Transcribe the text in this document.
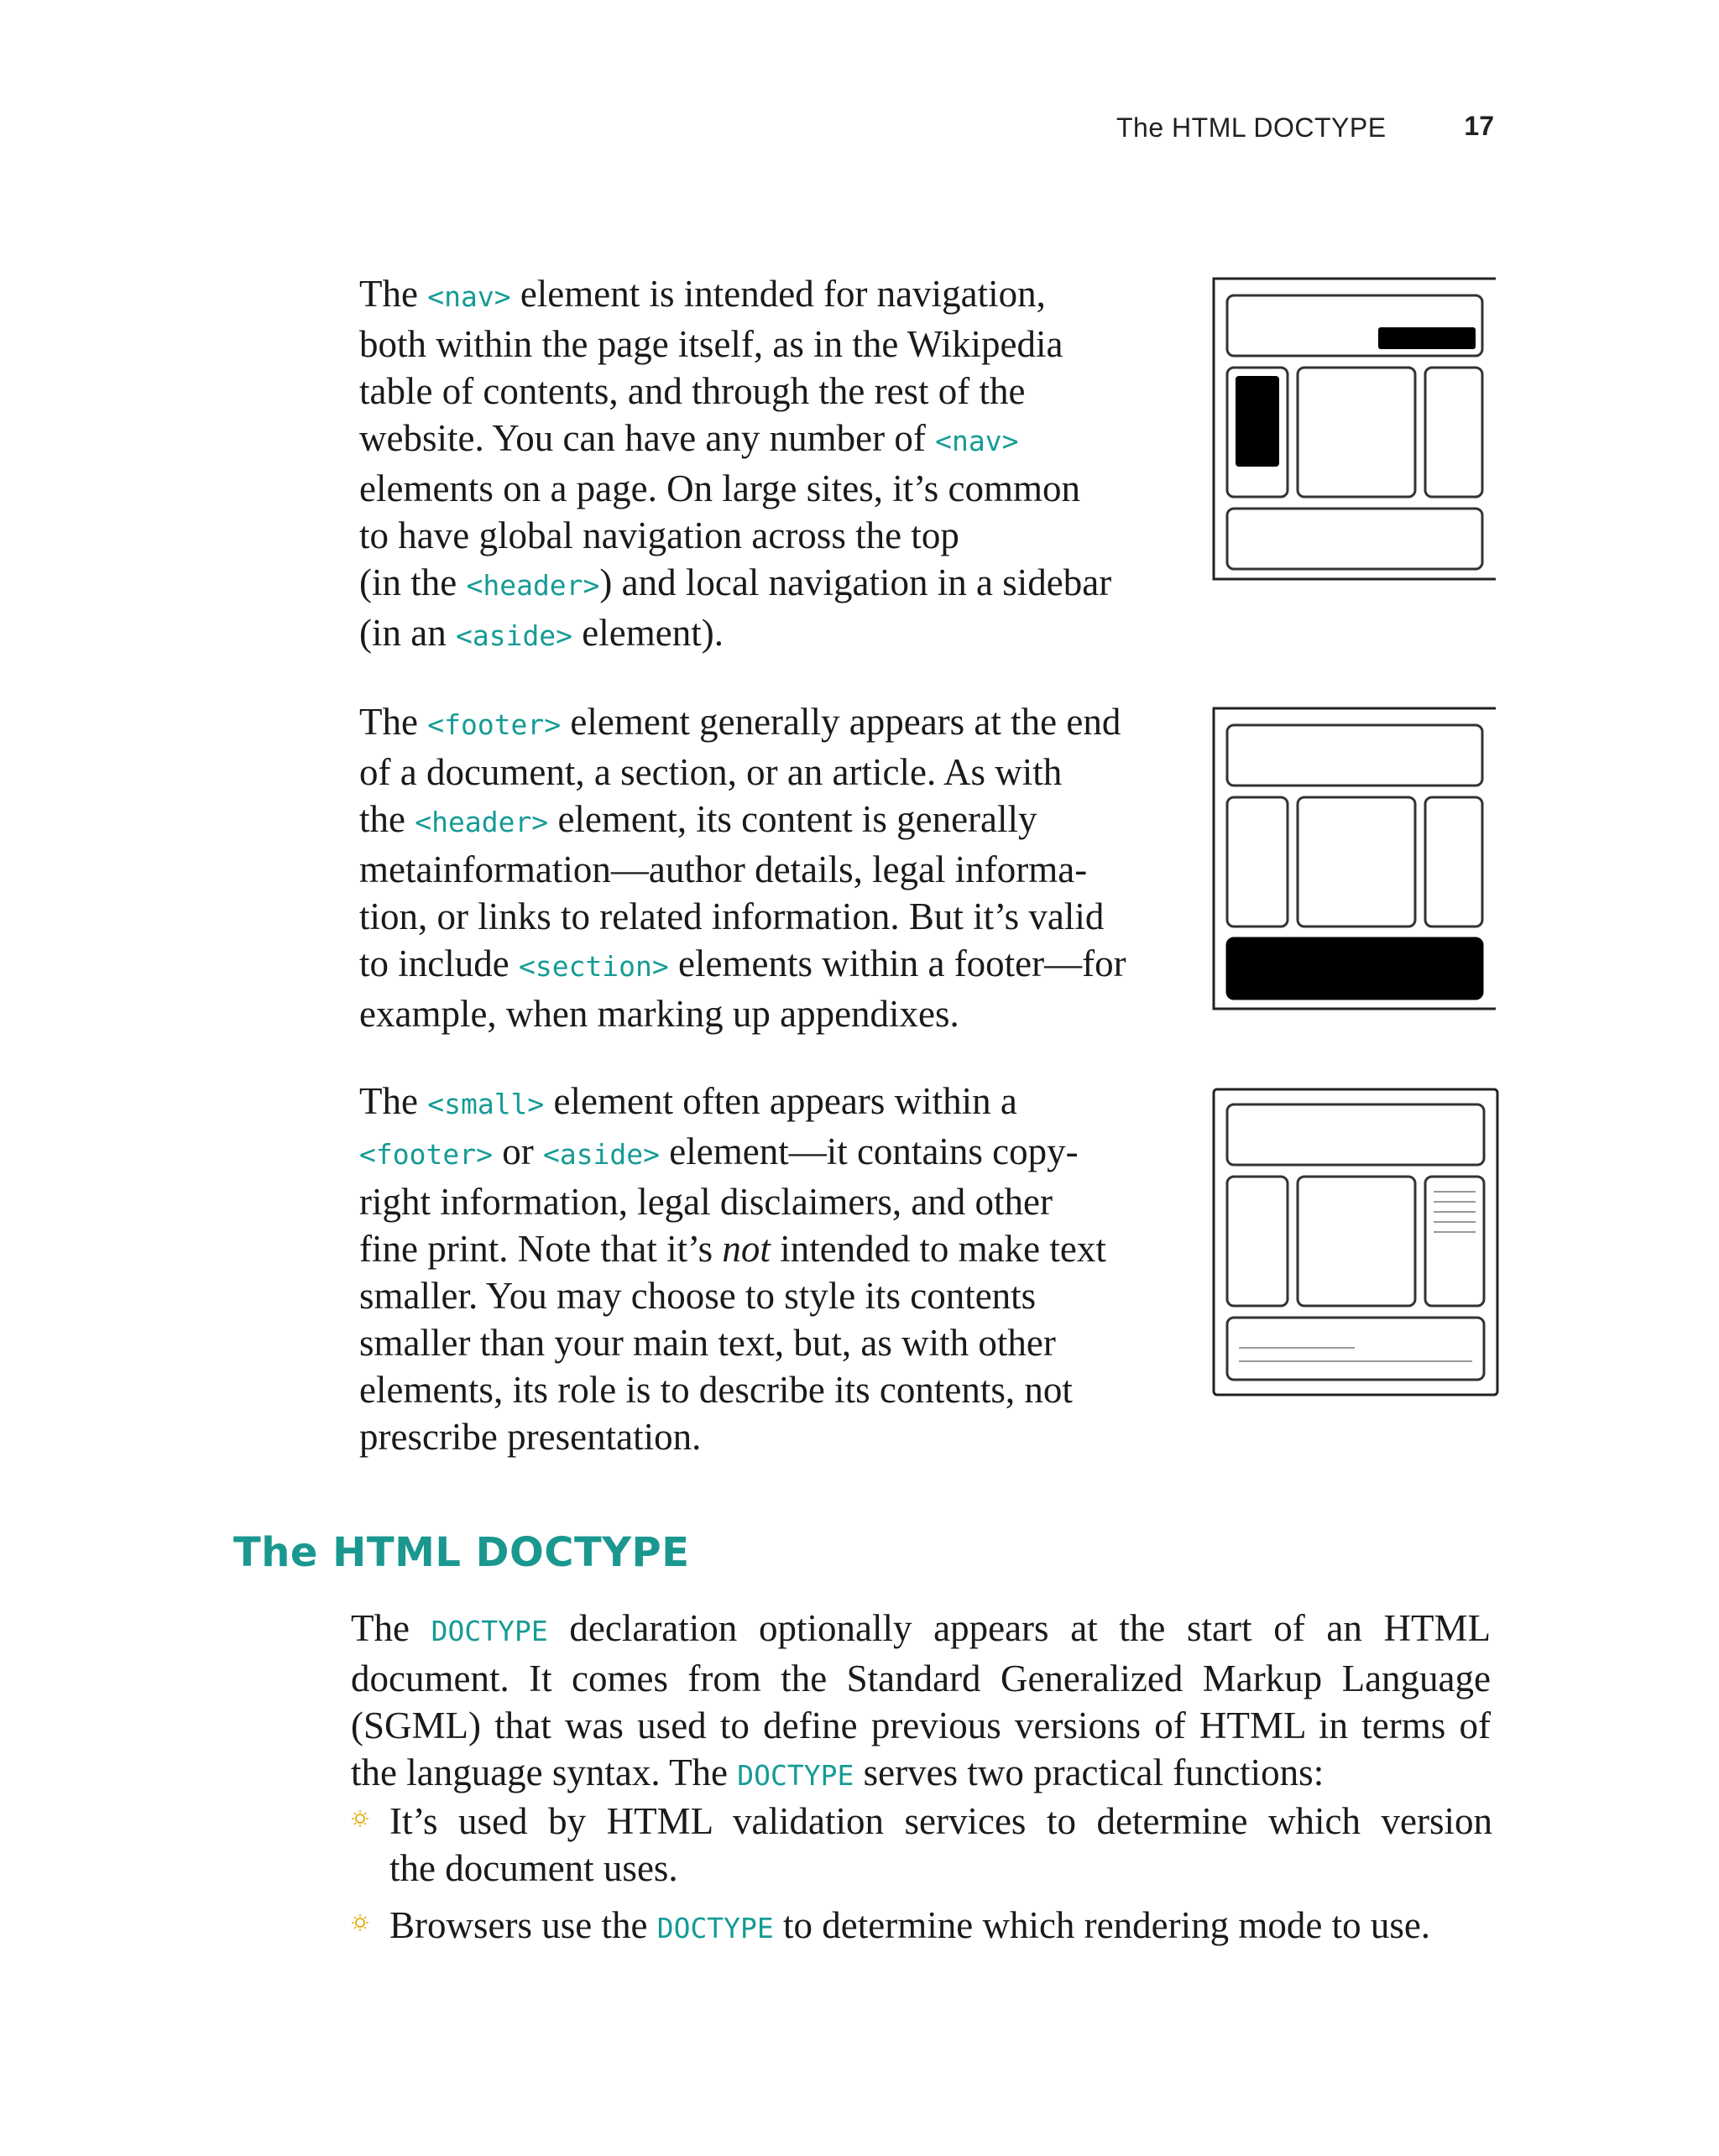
The HTML DOCTYPE	17

The <nav> element is intended for navigation,
both within the page itself, as in the Wikipedia
table of contents, and through the rest of the
website. You can have any number of <nav>
elements on a page. On large sites, it’s common
to have global navigation across the top
(in the <header>) and local navigation in a sidebar
(in an <aside> element).

The <footer> element generally appears at the end
of a document, a section, or an article. As with
the <header> element, its content is generally
metainformation—author details, legal informa-
tion, or links to related information. But it’s valid
to include <section> elements within a footer—for
example, when marking up appendixes.

The <small> element often appears within a
<footer> or <aside> element—it contains copy-
right information, legal disclaimers, and other
fine print. Note that it’s not intended to make text
smaller. You may choose to style its contents
smaller than your main text, but, as with other
elements, its role is to describe its contents, not
prescribe presentation.

The HTML DOCTYPE

The DOCTYPE declaration optionally appears at the start of an HTML
document. It comes from the Standard Generalized Markup Language
(SGML) that was used to define previous versions of HTML in terms of
the language syntax. The DOCTYPE serves two practical functions:

It’s used by HTML validation services to determine which version
the document uses.
Browsers use the DOCTYPE to determine which rendering mode to use.
